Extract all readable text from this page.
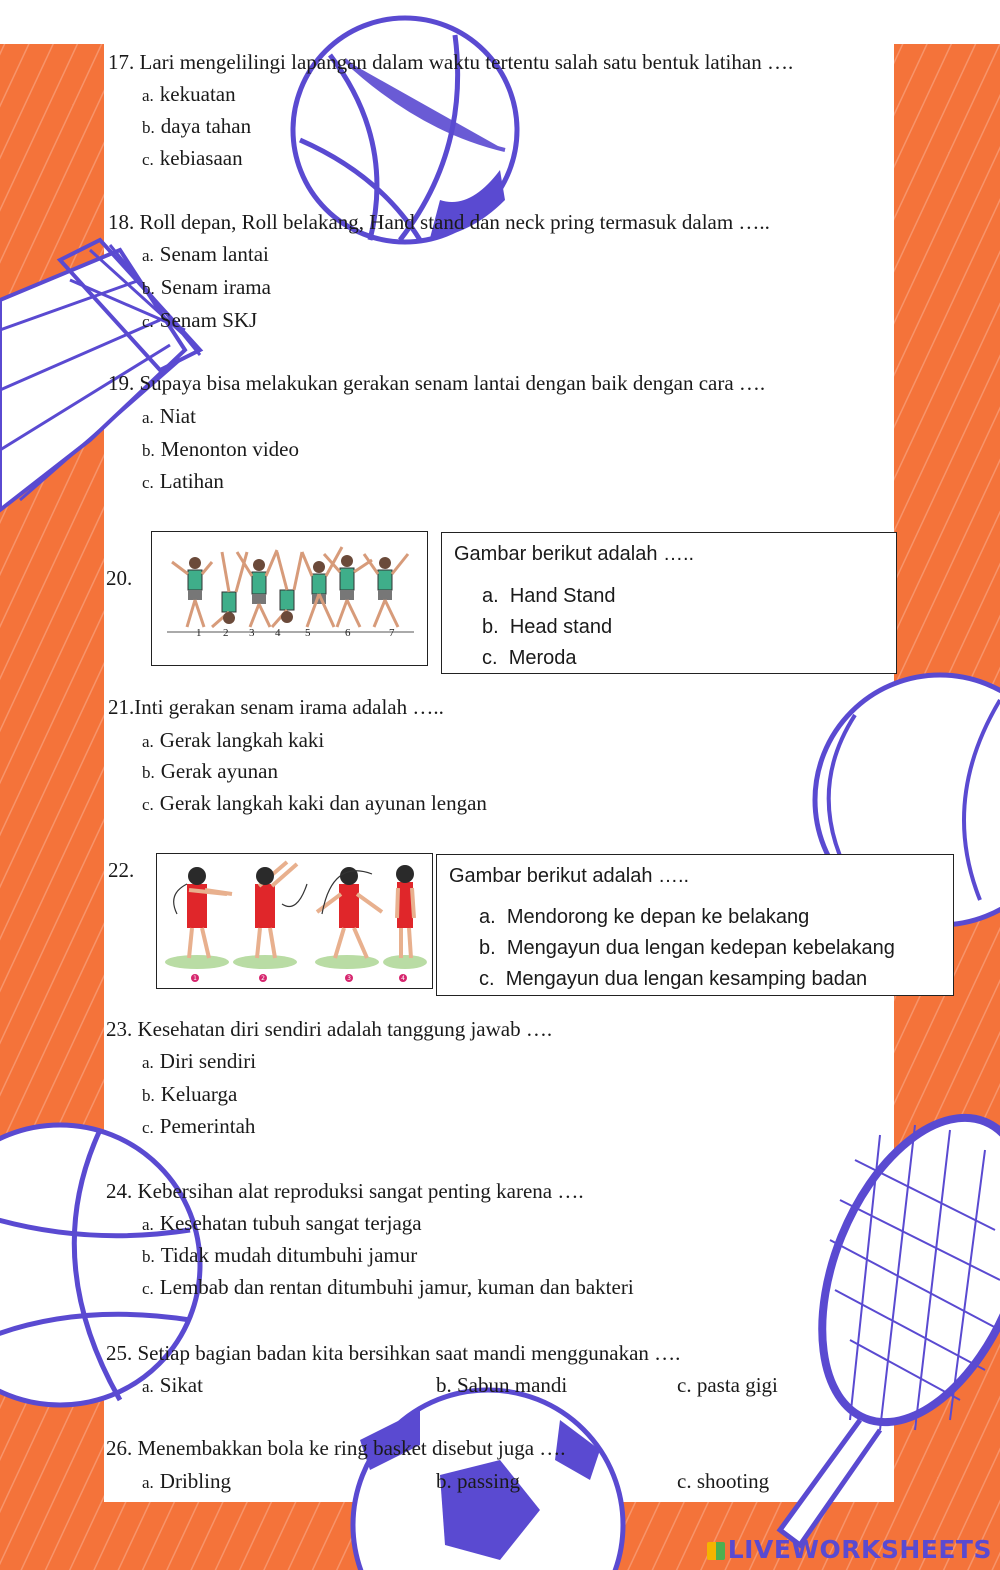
17. Lari mengelilingi lapangan dalam waktu tertentu salah satu bentuk latihan ….
a. kekuatan
b. daya tahan
c. kebiasaan
18. Roll depan, Roll belakang, Hand stand dan neck pring termasuk dalam …..
a. Senam lantai
b. Senam irama
c. Senam SKJ
19. Supaya bisa melakukan gerakan senam lantai dengan baik dengan cara ….
a. Niat
b. Menonton video
c. Latihan
20.
1 2 3 4 5	6	7
Gambar berikut adalah …..
a. Hand Stand
b. Head stand
c. Meroda
21.Inti gerakan senam irama adalah …..
a. Gerak langkah kaki
b. Gerak ayunan
c. Gerak langkah kaki dan ayunan lengan
22.
1	2	3	4
Gambar berikut adalah …..
a. Mendorong ke depan ke belakang
b. Mengayun dua lengan kedepan kebelakang
c. Mengayun dua lengan kesamping badan
23. Kesehatan diri sendiri adalah tanggung jawab ….
a. Diri sendiri
b. Keluarga
c. Pemerintah
24. Kebersihan alat reproduksi sangat penting karena ….
a. Kesehatan tubuh sangat terjaga
b. Tidak mudah ditumbuhi jamur
c. Lembab dan rentan ditumbuhi jamur, kuman dan bakteri
25. Setiap bagian badan kita bersihkan saat mandi menggunakan ….
a. Sikat	b. Sabun mandi	c. pasta gigi
26. Menembakkan bola ke ring basket disebut juga ….
a. Dribling	b. passing	c. shooting
LIVEWORKSHEETS
